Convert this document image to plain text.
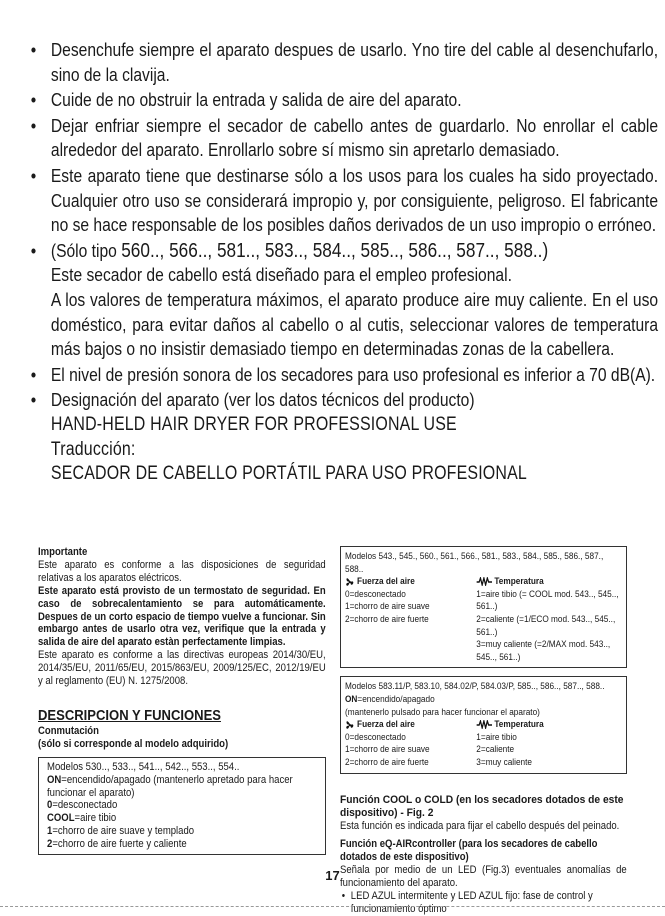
• Desenchufe siempre el aparato despues de usarlo. Yno tire del cable al desenchufarlo, sino de la clavija.

• Cuide de no obstruir la entrada y salida de aire del aparato.

• Dejar enfriar siempre el secador de cabello antes de guardarlo. No enrollar el cable alrededor del aparato. Enrollarlo sobre sí mismo sin apretarlo demasiado.

• Este aparato tiene que destinarse sólo a los usos para los cuales ha sido proyectado. Cualquier otro uso se considerará impropio y, por consiguiente, peligroso. El fabricante no se hace responsable de los posibles daños derivados de un uso impropio o erróneo.

• (Sólo tipo 560.., 566.., 581.., 583.., 584.., 585.., 586.., 587.., 588..)

Este secador de cabello está diseñado para el empleo profesional.

A los valores de temperatura máximos, el aparato produce aire muy caliente. En el uso doméstico, para evitar daños al cabello o al cutis, seleccionar valores de temperatura más bajos o no insistir demasiado tiempo en determinadas zonas de la cabellera.

• El nivel de presión sonora de los secadores para uso profesional es inferior a 70 dB(A).

• Designación del aparato (ver los datos técnicos del producto)

HAND-HELD HAIR DRYER FOR PROFESSIONAL USE

Traducción:

SECADOR DE CABELLO PORTÁTIL PARA USO PROFESIONAL

Importante
Este aparato es conforme a las disposiciones de seguridad relativas a los aparatos eléctricos.
Este aparato está provisto de un termostato de seguridad. En caso de sobrecalentamiento se para automáticamente. Despues de un corto espacio de tiempo vuelve a funcionar. Sin embargo antes de usarlo otra vez, verifique que la entrada y salida de aire del aparato estàn perfectamente limpias.
Este aparato es conforme a las directivas europeas 2014/30/EU, 2014/35/EU, 2011/65/EU, 2015/863/EU, 2009/125/EC, 2012/19/EU y al reglamento (EU) N. 1275/2008.
DESCRIPCION Y FUNCIONES
Conmutación
(sólo si corresponde al modelo adquirido)
Modelos 530.., 533.., 541.., 542.., 553.., 554..
ON=encendido/apagado (mantenerlo apretado para hacer funcionar el aparato)
0=desconectado
COOL=aire tibio
1=chorro de aire suave y templado
2=chorro de aire fuerte y caliente
Modelos 543., 545., 560., 561., 566., 581., 583., 584., 585., 586., 587., 588..
Fuerza del aire
0=desconectado
1=chorro de aire suave
2=chorro de aire fuerte
Temperatura
1=aire tibio (= COOL mod. 543.., 545.., 561..)
2=caliente (=1/ECO mod. 543.., 545.., 561..)
3=muy caliente (=2/MAX mod. 543.., 545.., 561..)
Modelos 583.11/P, 583.10, 584.02/P, 584.03/P, 585.., 586.., 587.., 588..
ON=encendido/apagado
(mantenerlo pulsado para hacer funcionar el aparato)
Fuerza del aire
0=desconectado
1=chorro de aire suave
2=chorro de aire fuerte
Temperatura
1=aire tibio
2=caliente
3=muy caliente
Función COOL o COLD (en los secadores dotados de este dispositivo) - Fig. 2
Esta función es indicada para fijar el cabello después del peinado.
Función eQ-AIRcontroller (para los secadores de cabello dotados de este dispositivo)
Señala por medio de un LED (Fig.3) eventuales anomalías de funcionamiento del aparato.
• LED AZUL intermitente y LED AZUL fijo: fase de control y funcionamiento óptimo
17
